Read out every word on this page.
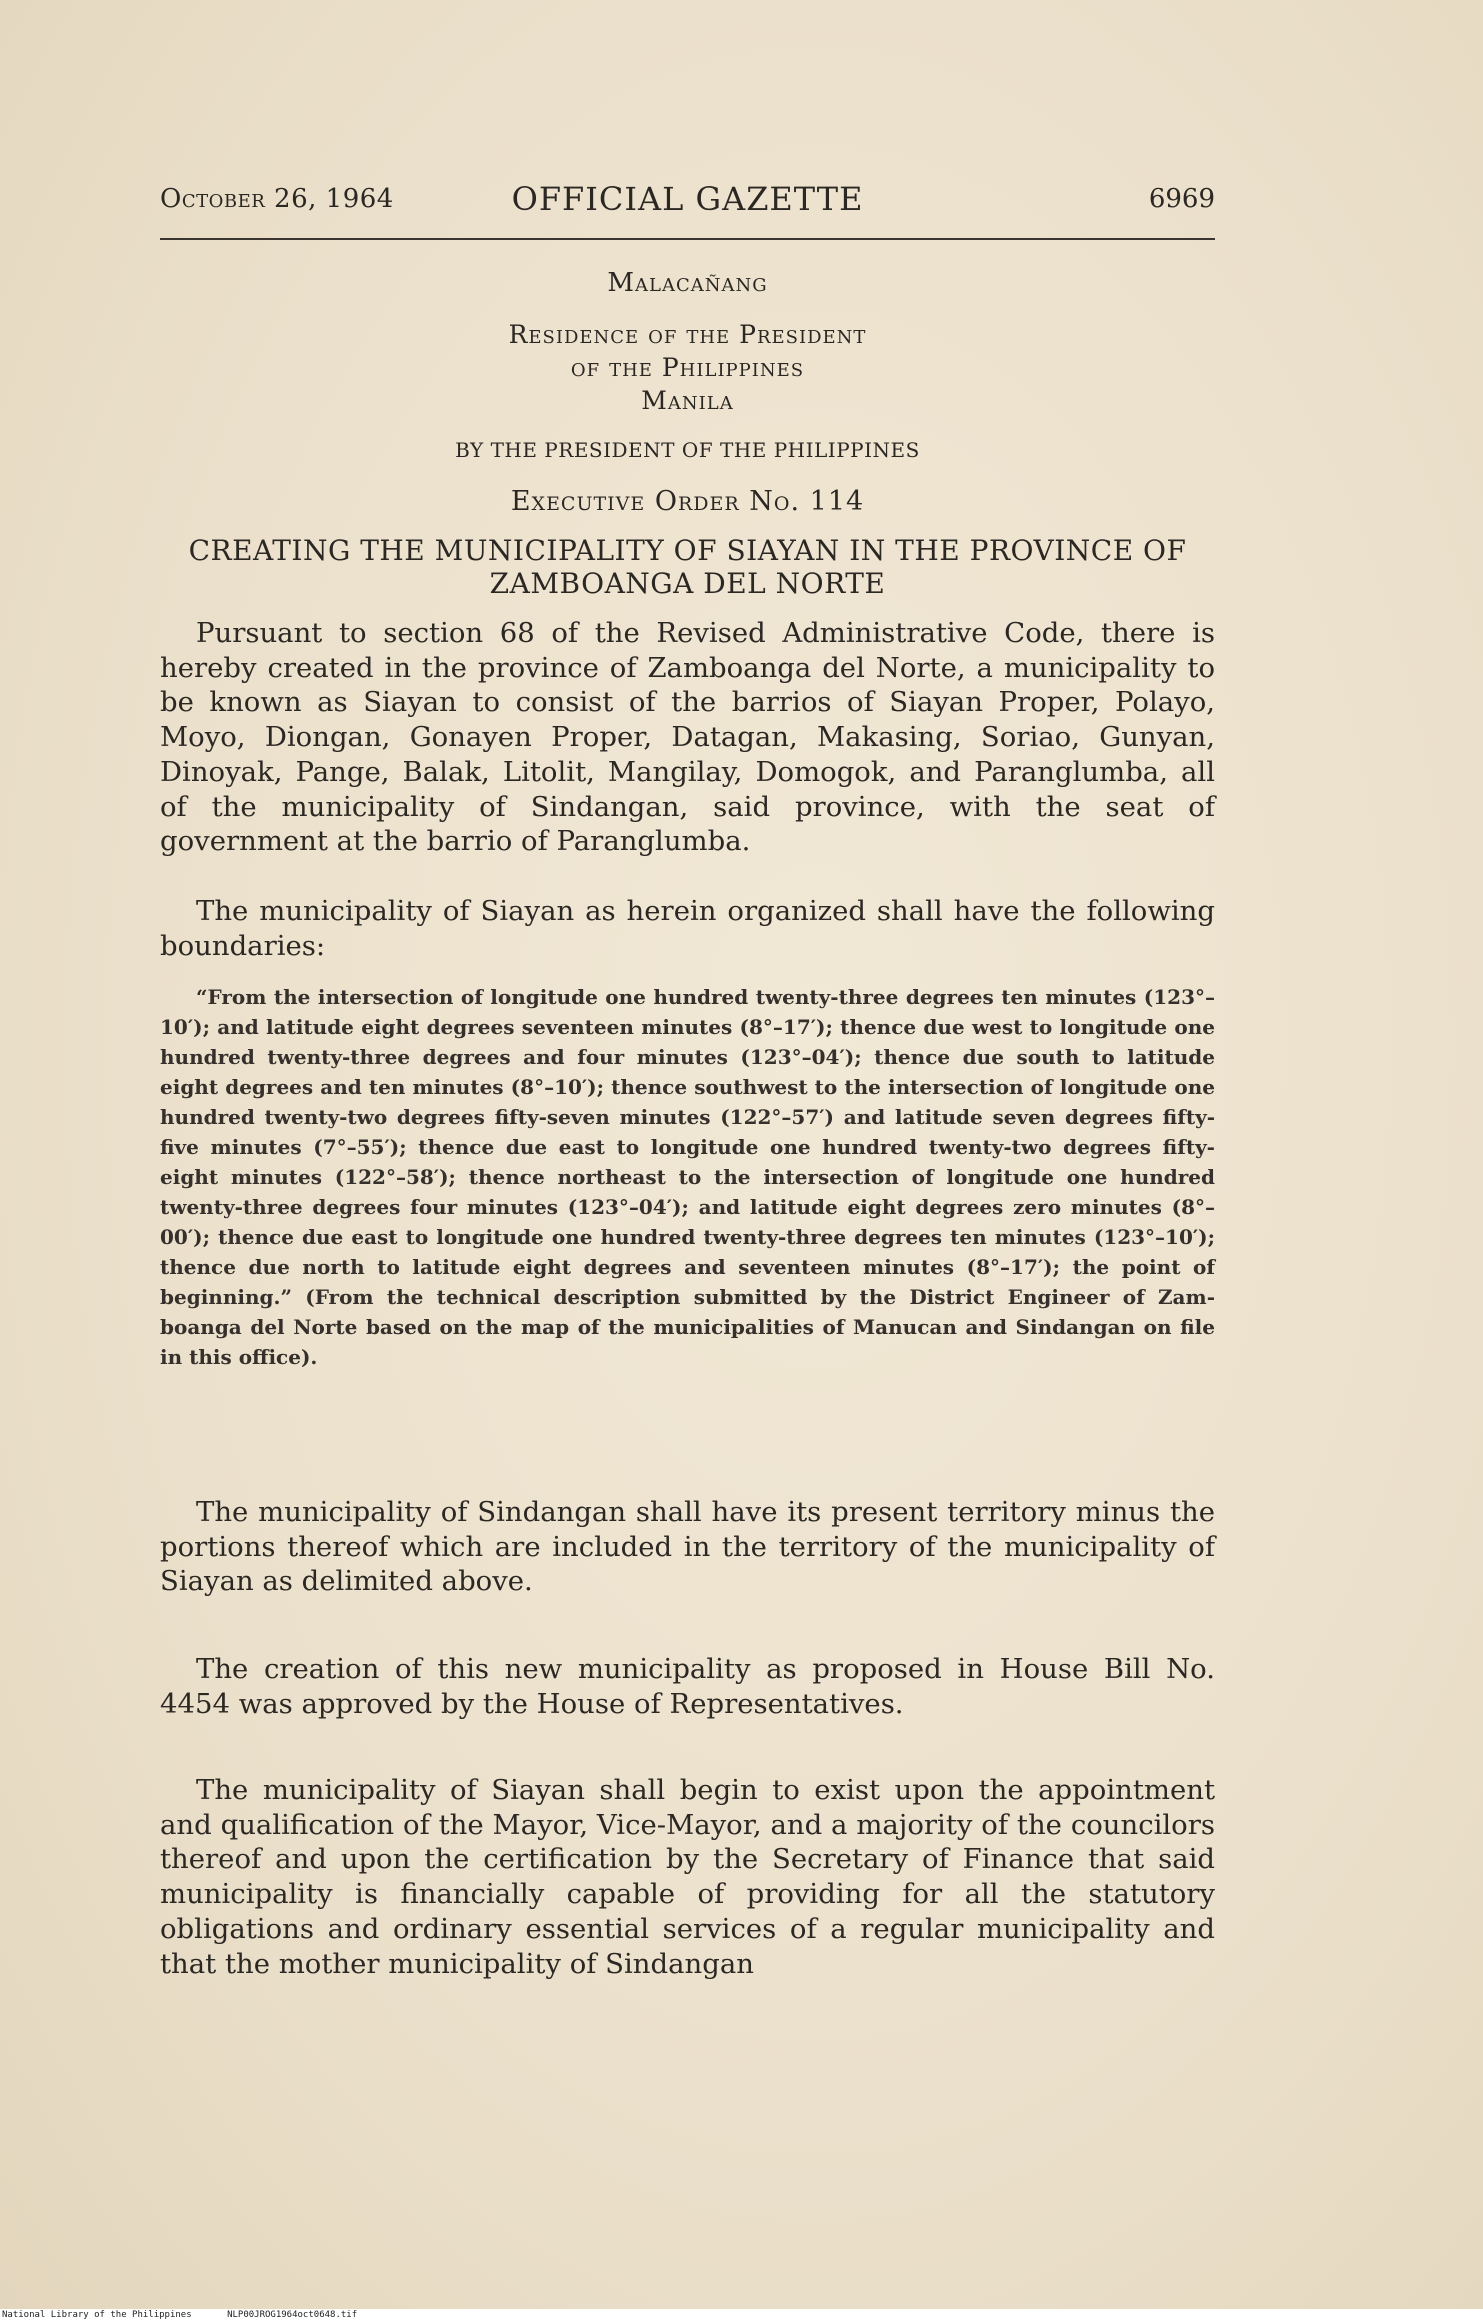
October 26, 1964	OFFICIAL GAZETTE	6969
Malacañang
Residence of the President
of the Philippines
Manila
BY THE PRESIDENT OF THE PHILIPPINES
Executive Order No. 114
CREATING THE MUNICIPALITY OF SIAYAN IN THE PROVINCE OF ZAMBOANGA DEL NORTE

Pursuant to section 68 of the Revised Administrative Code, there is hereby created in the province of Zamboanga del Norte, a municipality to be known as Siayan to consist of the barrios of Siayan Proper, Polayo, Moyo, Diongan, Gonayen Proper, Datagan, Makasing, Soriao, Gunyan, Dinoyak, Pange, Balak, Litolit, Mangilay, Domogok, and Paranglumba, all of the municipality of Sindangan, said province, with the seat of government at the barrio of Paranglumba.

The municipality of Siayan as herein organized shall have the following boundaries:

“From the intersection of longitude one hundred twenty-three degrees ten minutes (123°–10′); and latitude eight degrees seventeen minutes (8°–17′); thence due west to longitude one hundred twenty-three degrees and four minutes (123°–04′); thence due south to latitude eight degrees and ten minutes (8°–10′); thence southwest to the intersection of longitude one hundred twenty-two degrees fifty-seven minutes (122°–57′) and latitude seven degrees fifty-five minutes (7°–55′); thence due east to longitude one hundred twenty-two degrees fifty-eight minutes (122°–58′); thence northeast to the intersection of longitude one hundred twenty-three degrees four minutes (123°–04′); and latitude eight degrees zero minutes (8°–00′); thence due east to longitude one hundred twenty-three degrees ten minutes (123°–10′); thence due north to latitude eight degrees and seventeen minutes (8°–17′); the point of beginning.” (From the technical description submitted by the District Engineer of Zamboanga del Norte based on the map of the municipalities of Manucan and Sindangan on file in this office).

The municipality of Sindangan shall have its present territory minus the portions thereof which are included in the territory of the municipality of Siayan as delimited above.

The creation of this new municipality as proposed in House Bill No. 4454 was approved by the House of Representatives.

The municipality of Siayan shall begin to exist upon the appointment and qualification of the Mayor, Vice-Mayor, and a majority of the councilors thereof and upon the certification by the Secretary of Finance that said municipality is financially capable of providing for all the statutory obligations and ordinary essential services of a regular municipality and that the mother municipality of Sindangan

National Library of the Philippines	NLP00JROG1964oct0648.tif
